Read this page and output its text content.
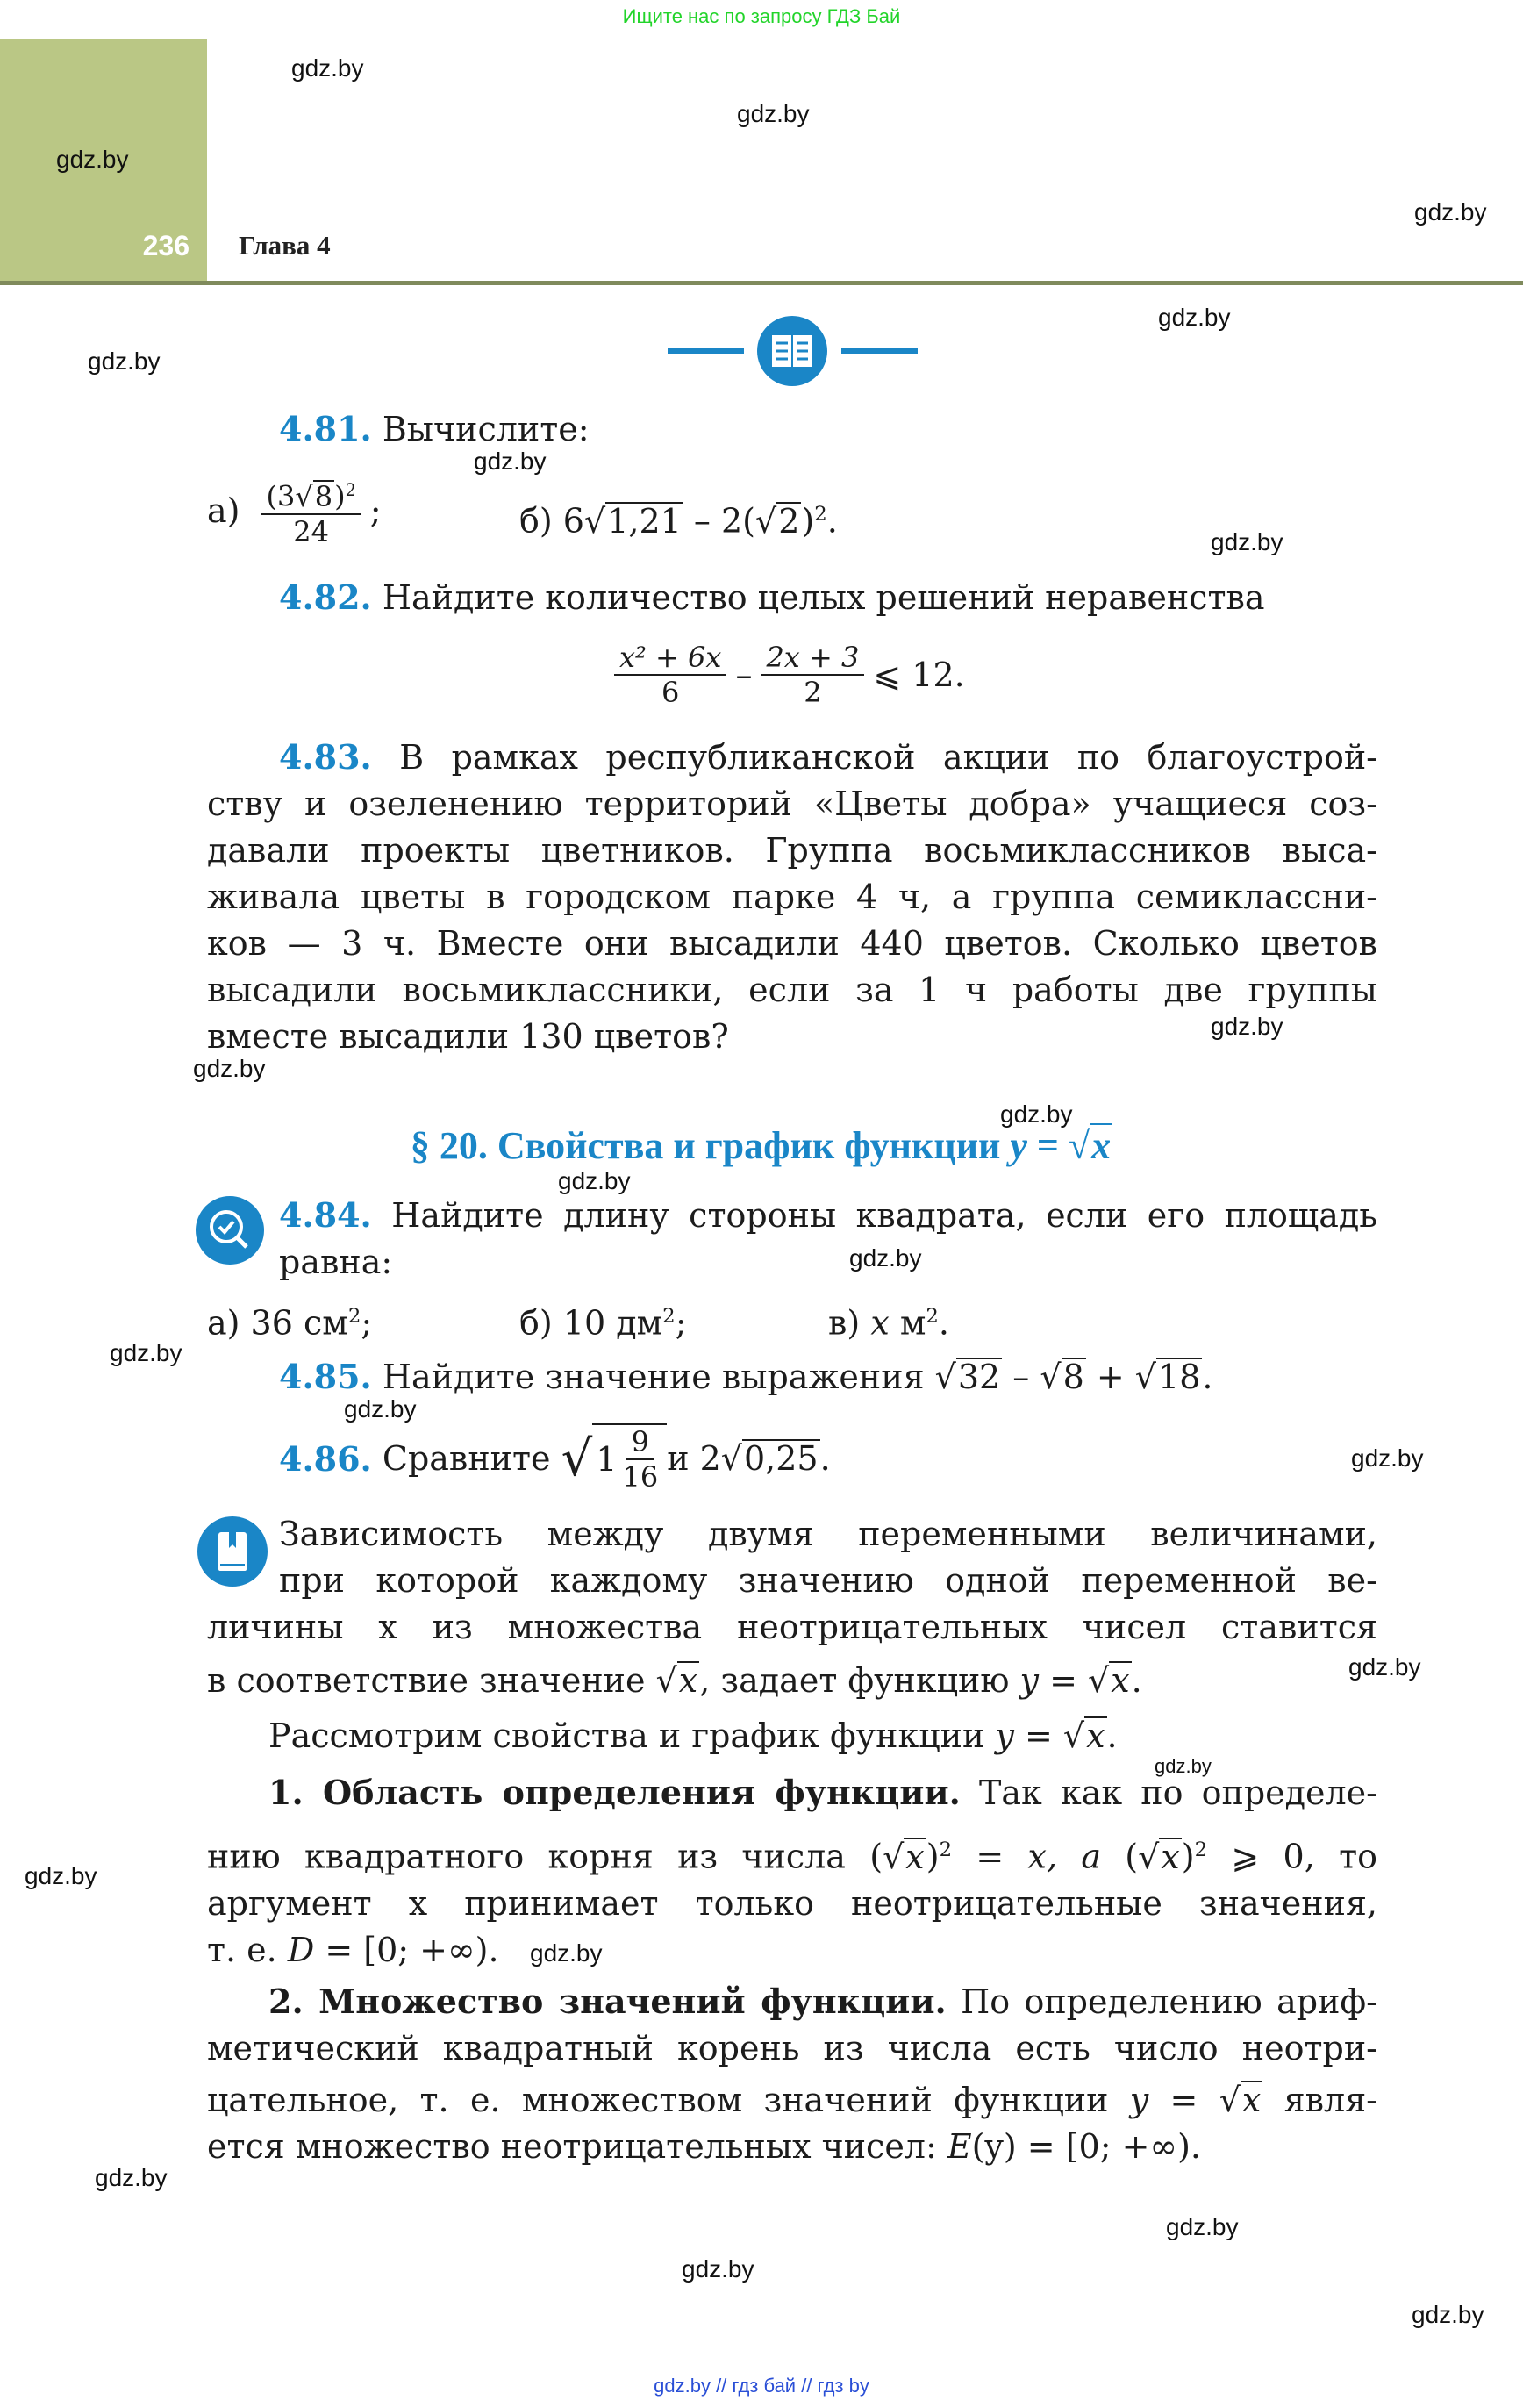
Ищите нас по запросу ГДЗ Бай
236 Глава 4
4.81. Вычислите:
$а) \frac{(3 √ 8)^2}{24}$ ;	б) 6 √ 1,21 – 2( √ 2)$^2$.
4.82. Найдите количество целых решений неравенства
$\frac{\text{x² + 6x}}{6} - \frac{2x + 3}{2}$ ⩽ 12.
4.83. В рамках республиканской акции по благоустрой-
ству и озеленению территорий «Цветы добра» учащиеся соз-
давали проекты цветников. Группа восьмиклассников выса-
живала цветы в городском парке 4 ч, а группа семиклассни-
ков — 3 ч. Вместе они высадили 440 цветов. Сколько цветов
высадили восьмиклассники, если за 1 ч работы две группы
вместе высадили 130 цветов?
§ 20. Свойства и график функции y = √ x
4.84. Найдите длину стороны квадрата, если его площадь
равна:
а) 36 $см^2$;	б) 10 $дм^2$;	в) x $м^2$.
4.85. Найдите значение выражения √ 32 – √ 8 + √ 18.
4.86.
Сравните
√ $1 \frac{9}{16}$ и 2 √ 0,25 .
Зависимость между двумя переменными величинами,
при которой каждому значению одной переменной ве-
личины x из множества неотрицательных чисел ставится
в соответствие значение √ x, задает функцию y = √ x.
Рассмотрим свойства и график функции y = √ x.
1. Область определения функции. Так как по определе-
нию квадратного корня из числа ( √ x)$^2$ = x, а ( √ x)$^2$ ⩾ 0, то
аргумент x принимает только неотрицательные значения,
т. е. D = [0; +∞).
2. Множество значений функции. По определению ариф-
метический квадратный корень из числа есть число неотри-
цательное, т. е. множеством значений функции y = √ x явля-
ется множество неотрицательных чисел: E(y) = [0; +∞).
gdz.by
gdz.by
gdz.by
gdz.by
gdz.by
gdz.by
gdz.by
gdz.by
gdz.by
gdz.by
gdz.by
gdz.by
gdz.by
gdz.by
gdz.by
gdz.by
gdz.by
gdz.by
gdz.by
gdz.by
gdz.by
gdz.by
gdz.by
gdz.by
gdz.by // гдз бай // гдз by
